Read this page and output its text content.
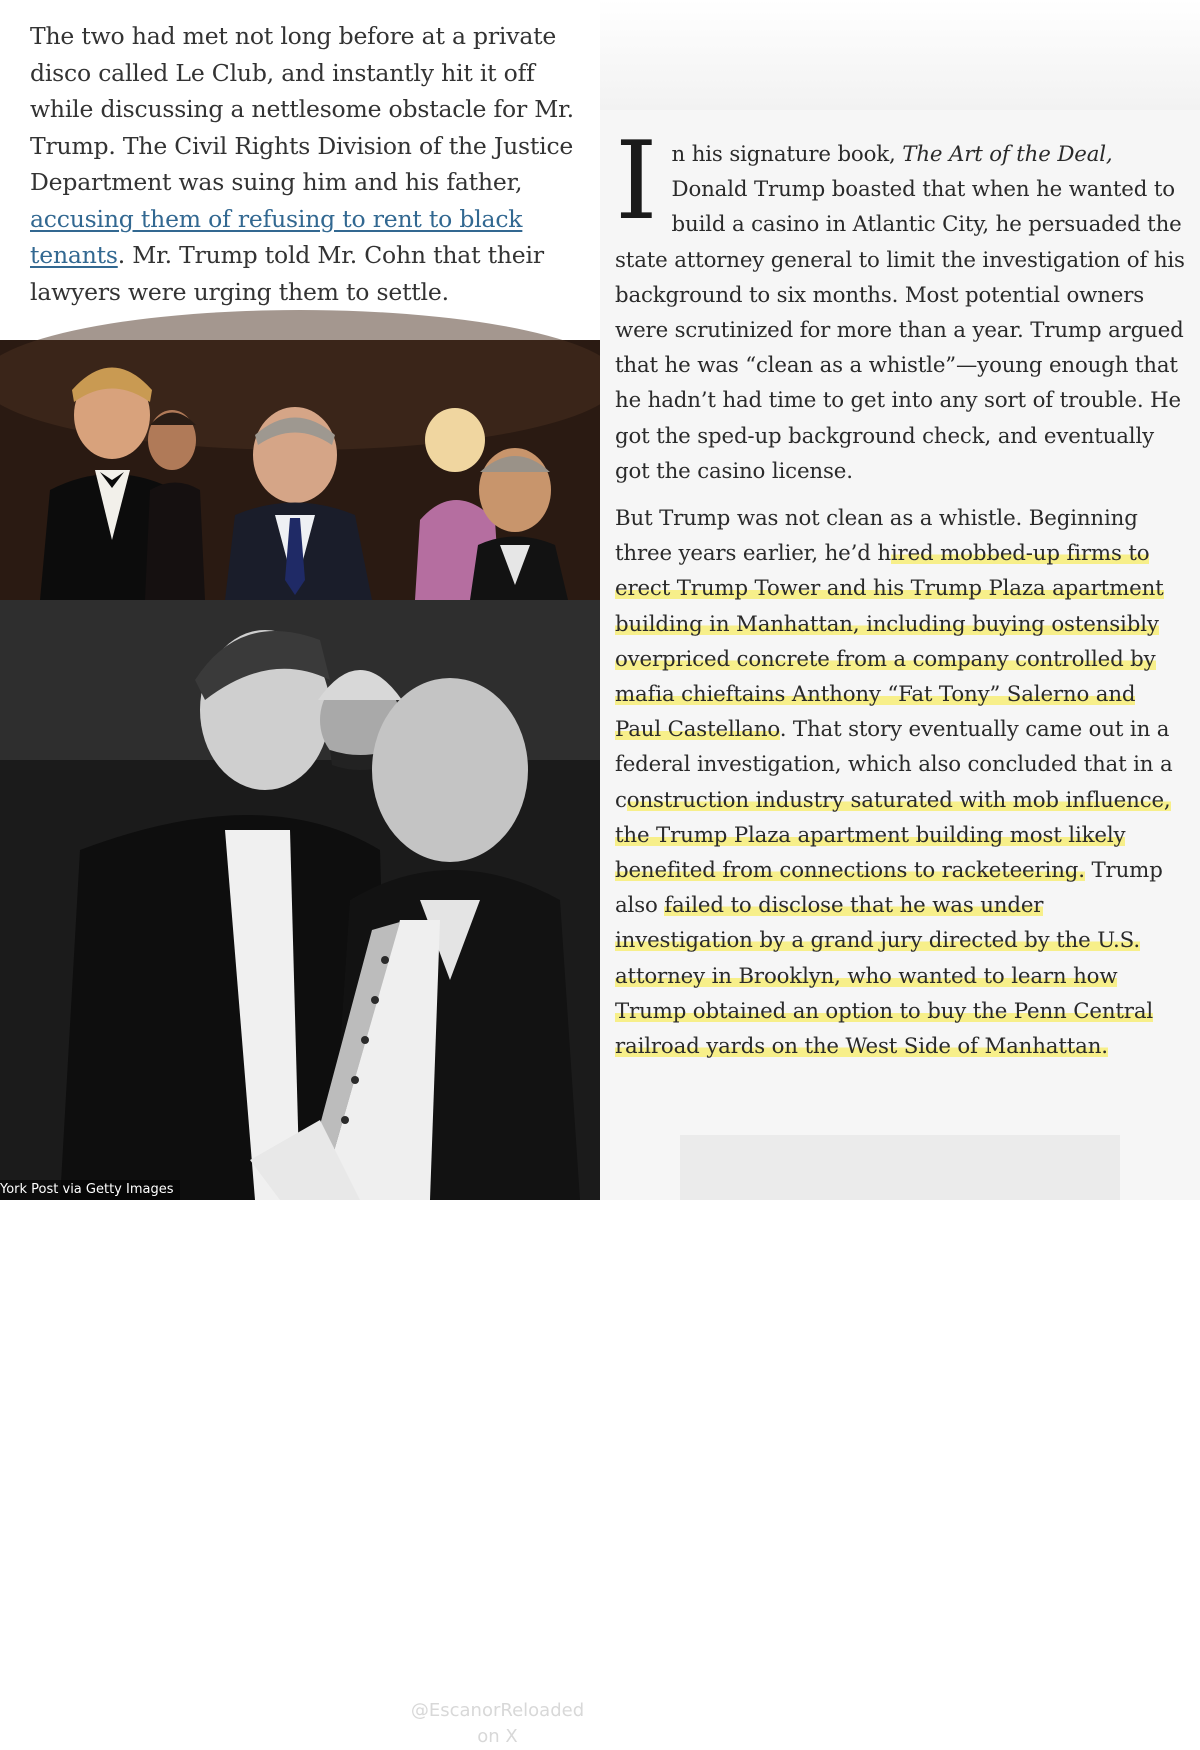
The two had met not long before at a private disco called Le Club, and instantly hit it off while discussing a nettlesome obstacle for Mr. Trump. The Civil Rights Division of the Justice Department was suing him and his father, accusing them of refusing to rent to black tenants. Mr. Trump told Mr. Cohn that their lawyers were urging them to settle.
@EscanorReloaded
on X
York Post via Getty Images

In his signature book, The Art of the Deal, Donald Trump boasted that when he wanted to build a casino in Atlantic City, he persuaded the state attorney general to limit the investigation of his background to six months. Most potential owners were scrutinized for more than a year. Trump argued that he was “clean as a whistle”—young enough that he hadn’t had time to get into any sort of trouble. He got the sped-up background check, and eventually got the casino license.

But Trump was not clean as a whistle. Beginning three years earlier, he’d hired mobbed-up firms to erect Trump Tower and his Trump Plaza apartment building in Manhattan, including buying ostensibly overpriced concrete from a company controlled by mafia chieftains Anthony “Fat Tony” Salerno and Paul Castellano. That story eventually came out in a federal investigation, which also concluded that in a construction industry saturated with mob influence, the Trump Plaza apartment building most likely benefited from connections to racketeering. Trump also failed to disclose that he was under investigation by a grand jury directed by the U.S. attorney in Brooklyn, who wanted to learn how Trump obtained an option to buy the Penn Central railroad yards on the West Side of Manhattan.
